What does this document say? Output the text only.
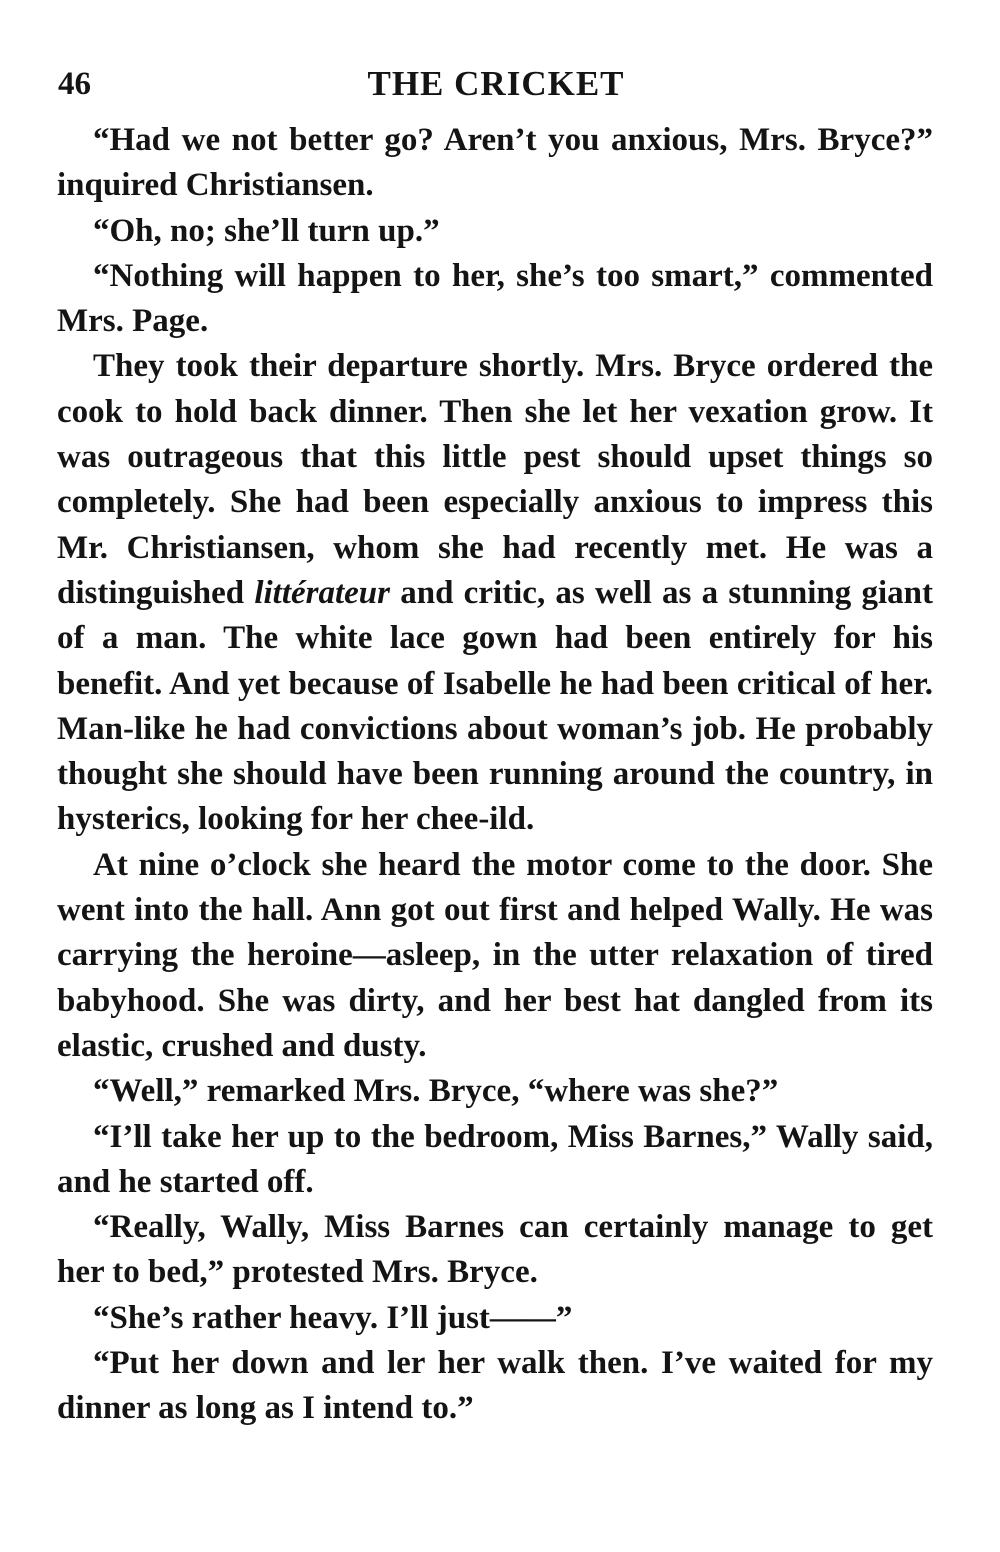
46	THE CRICKET

“Had we not better go? Aren’t you anxious, Mrs. Bryce?” inquired Christiansen.

“Oh, no; she’ll turn up.”

“Nothing will happen to her, she’s too smart,” commented Mrs. Page.

They took their departure shortly. Mrs. Bryce ordered the cook to hold back dinner. Then she let her vexation grow. It was outrageous that this little pest should upset things so completely. She had been especially anxious to impress this Mr. Christiansen, whom she had recently met. He was a distinguished littérateur and critic, as well as a stunning giant of a man. The white lace gown had been entirely for his benefit. And yet because of Isabelle he had been critical of her. Man-like he had convictions about woman’s job. He probably thought she should have been running around the country, in hysterics, looking for her chee-ild.

At nine o’clock she heard the motor come to the door. She went into the hall. Ann got out first and helped Wally. He was carrying the heroine—asleep, in the utter relaxation of tired babyhood. She was dirty, and her best hat dangled from its elastic, crushed and dusty.

“Well,” remarked Mrs. Bryce, “where was she?”

“I’ll take her up to the bedroom, Miss Barnes,” Wally said, and he started off.

“Really, Wally, Miss Barnes can certainly manage to get her to bed,” protested Mrs. Bryce.

“She’s rather heavy. I’ll just——”

“Put her down and ler her walk then. I’ve waited for my dinner as long as I intend to.”
